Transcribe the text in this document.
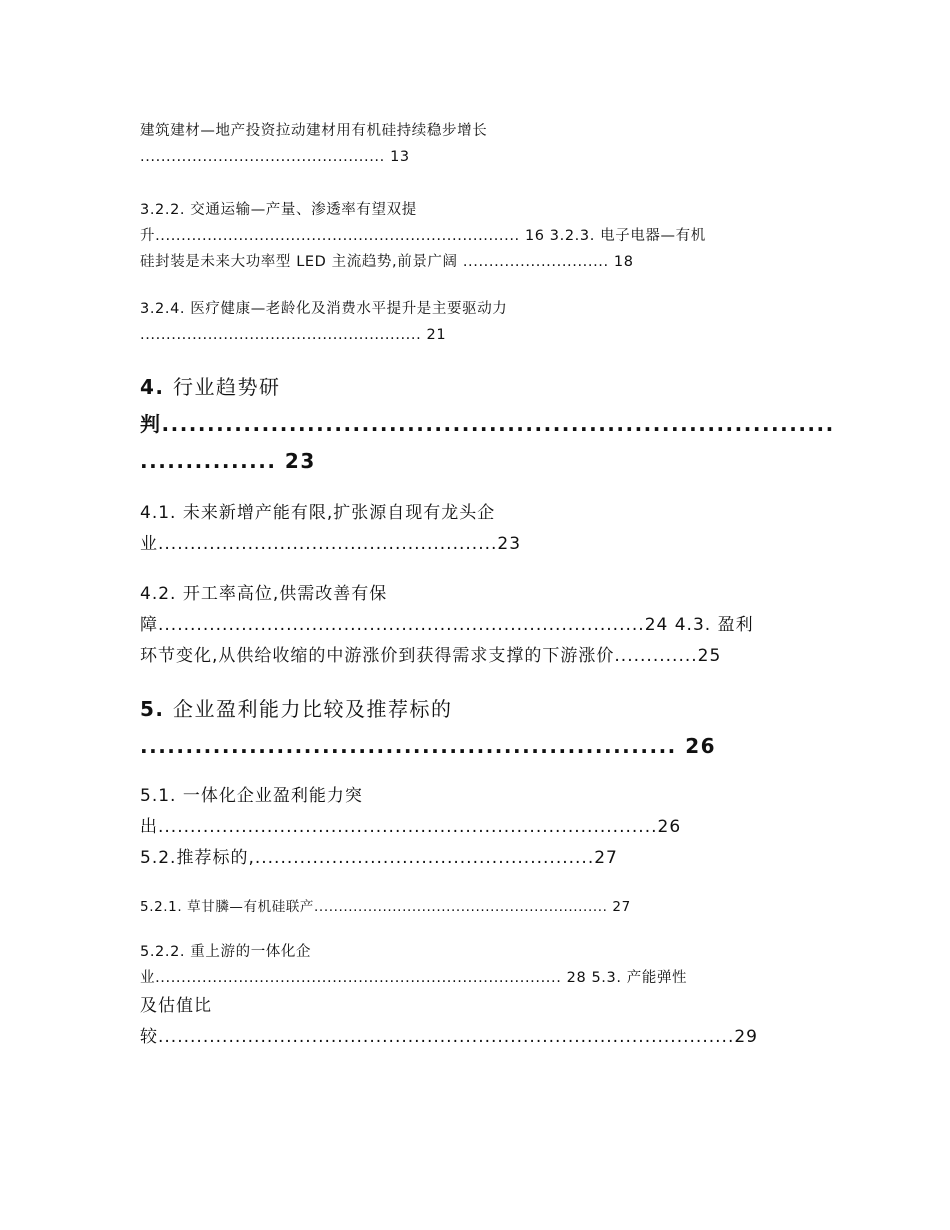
建筑建材—地产投资拉动建材用有机硅持续稳步增长
............................................... 13
3.2.2. 交通运输—产量、渗透率有望双提
升...................................................................... 16 3.2.3. 电子电器—有机
硅封装是未来大功率型 LED 主流趋势,前景广阔 ............................ 18
3.2.4. 医疗健康—老龄化及消费水平提升是主要驱动力
...................................................... 21
4. 行业趋势研
判..........................................................................
............... 23
4.1. 未来新增产能有限,扩张源自现有龙头企
业.....................................................23
4.2. 开工率高位,供需改善有保
障............................................................................24 4.3. 盈利
环节变化,从供给收缩的中游涨价到获得需求支撑的下游涨价.............25
5. 企业盈利能力比较及推荐标的
........................................................... 26
5.1. 一体化企业盈利能力突
出..............................................................................26
5.2.推荐标的,.....................................................27
5.2.1. 草甘膦—有机硅联产............................................................ 27
5.2.2. 重上游的一体化企
业.............................................................................. 28 5.3. 产能弹性
及估值比
较..........................................................................................29
